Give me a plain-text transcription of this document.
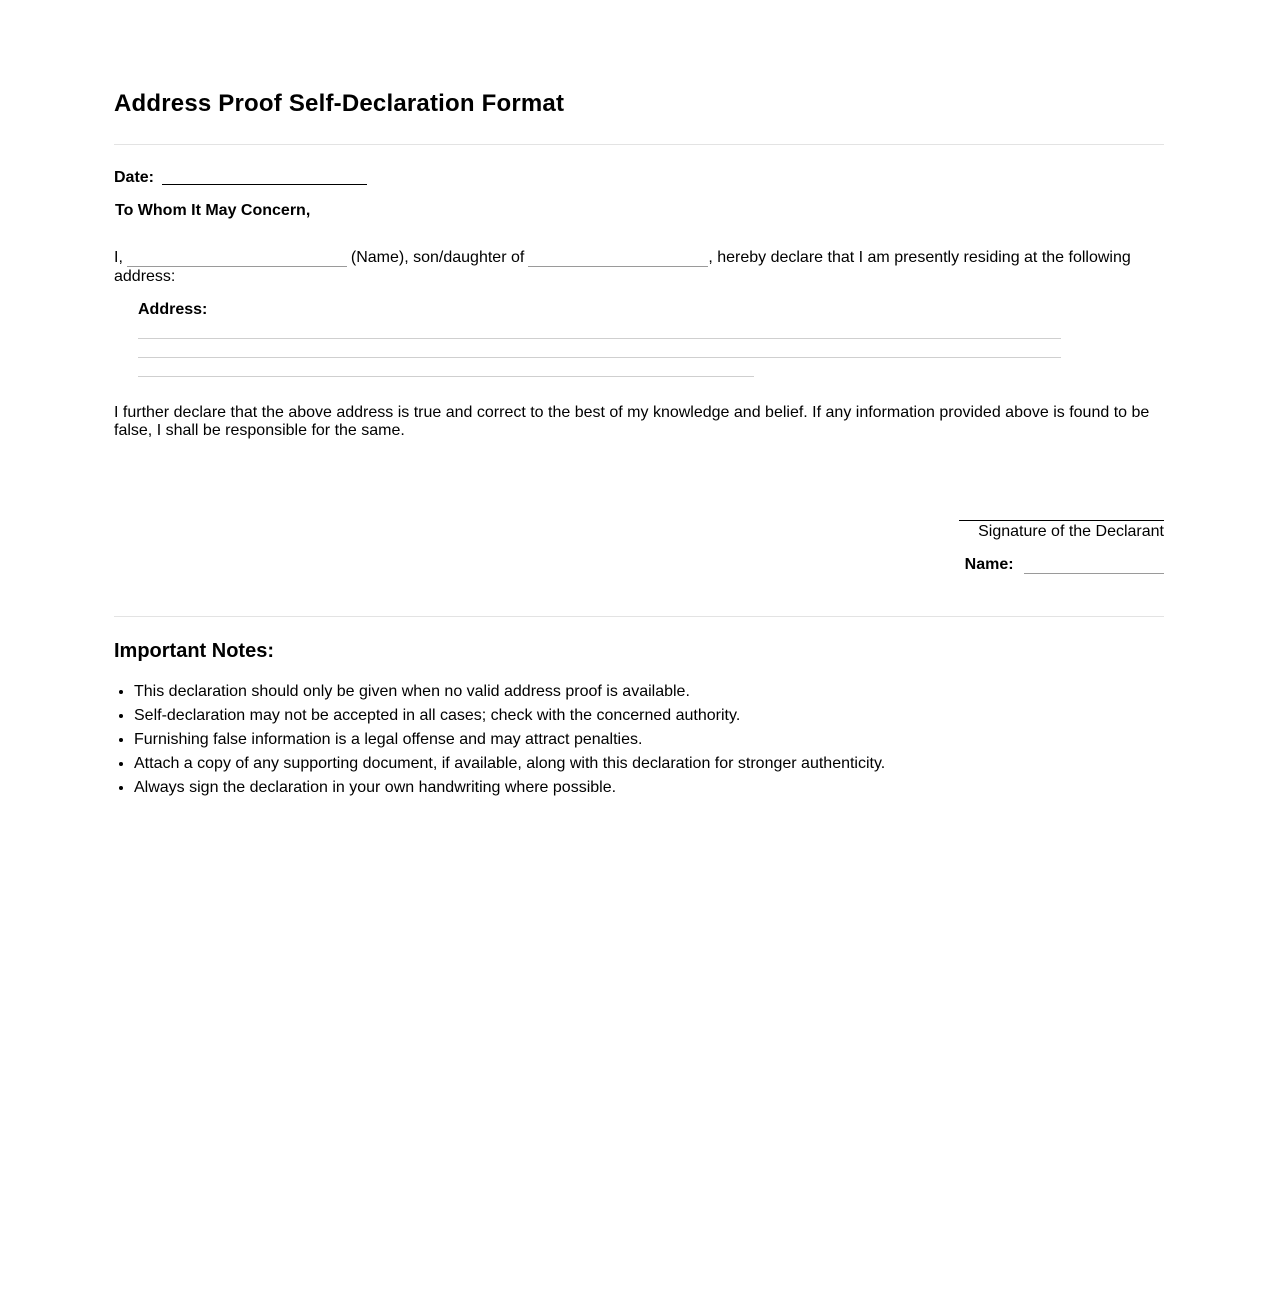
Address Proof Self-Declaration Format
Date:
To Whom It May Concern,

I,	(Name), son/daughter of	, hereby declare that I am presently residing at the following address:

Address:

I further declare that the above address is true and correct to the best of my knowledge and belief. If any information provided above is found to be false, I shall be responsible for the same.

Signature of the Declarant
Name:
Important Notes:
• This declaration should only be given when no valid address proof is available.
• Self-declaration may not be accepted in all cases; check with the concerned authority.
• Furnishing false information is a legal offense and may attract penalties.
• Attach a copy of any supporting document, if available, along with this declaration for stronger authenticity.
• Always sign the declaration in your own handwriting where possible.
